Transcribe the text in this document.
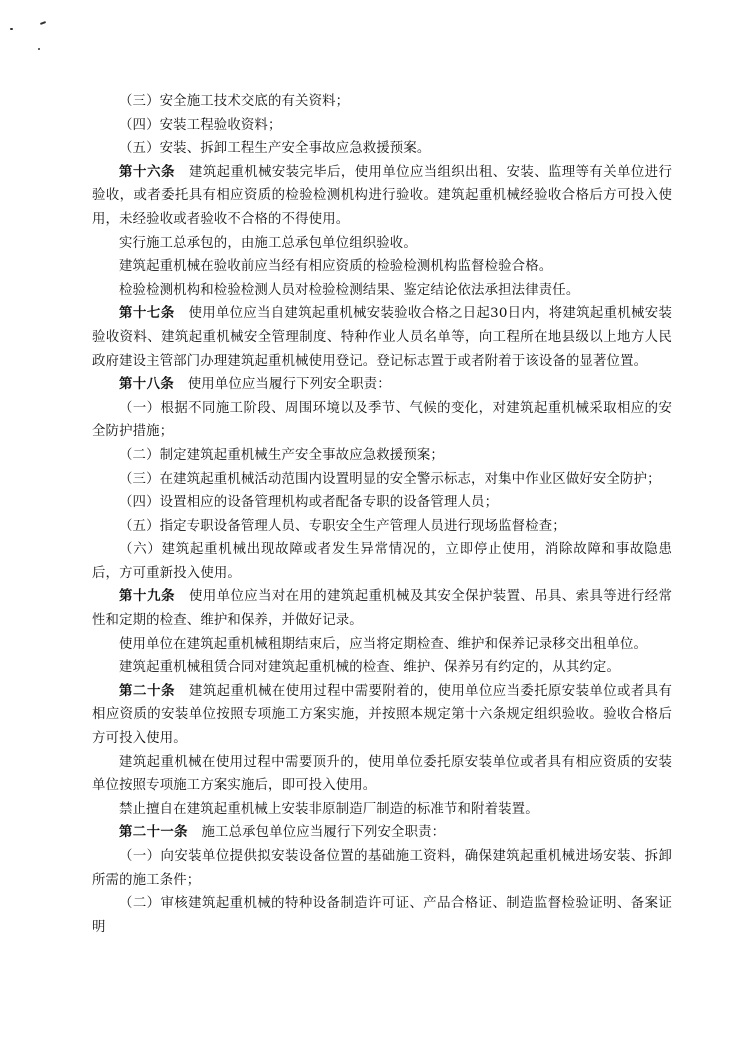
（三）安全施工技术交底的有关资料；

（四）安装工程验收资料；

（五）安装、拆卸工程生产安全事故应急救援预案。

第十六条　建筑起重机械安装完毕后，使用单位应当组织出租、安装、监理等有关单位进行验收，或者委托具有相应资质的检验检测机构进行验收。建筑起重机械经验收合格后方可投入使用，未经验收或者验收不合格的不得使用。

实行施工总承包的，由施工总承包单位组织验收。

建筑起重机械在验收前应当经有相应资质的检验检测机构监督检验合格。

检验检测机构和检验检测人员对检验检测结果、鉴定结论依法承担法律责任。

第十七条　使用单位应当自建筑起重机械安装验收合格之日起30日内，将建筑起重机械安装验收资料、建筑起重机械安全管理制度、特种作业人员名单等，向工程所在地县级以上地方人民政府建设主管部门办理建筑起重机械使用登记。登记标志置于或者附着于该设备的显著位置。

第十八条　使用单位应当履行下列安全职责：

（一）根据不同施工阶段、周围环境以及季节、气候的变化，对建筑起重机械采取相应的安全防护措施；

（二）制定建筑起重机械生产安全事故应急救援预案；

（三）在建筑起重机械活动范围内设置明显的安全警示标志，对集中作业区做好安全防护；

（四）设置相应的设备管理机构或者配备专职的设备管理人员；

（五）指定专职设备管理人员、专职安全生产管理人员进行现场监督检查；

（六）建筑起重机械出现故障或者发生异常情况的，立即停止使用，消除故障和事故隐患后，方可重新投入使用。

第十九条　使用单位应当对在用的建筑起重机械及其安全保护装置、吊具、索具等进行经常性和定期的检查、维护和保养，并做好记录。

使用单位在建筑起重机械租期结束后，应当将定期检查、维护和保养记录移交出租单位。

建筑起重机械租赁合同对建筑起重机械的检查、维护、保养另有约定的，从其约定。

第二十条　建筑起重机械在使用过程中需要附着的，使用单位应当委托原安装单位或者具有相应资质的安装单位按照专项施工方案实施，并按照本规定第十六条规定组织验收。验收合格后方可投入使用。

建筑起重机械在使用过程中需要顶升的，使用单位委托原安装单位或者具有相应资质的安装单位按照专项施工方案实施后，即可投入使用。

禁止擅自在建筑起重机械上安装非原制造厂制造的标准节和附着装置。

第二十一条　施工总承包单位应当履行下列安全职责：

（一）向安装单位提供拟安装设备位置的基础施工资料，确保建筑起重机械进场安装、拆卸所需的施工条件；

（二）审核建筑起重机械的特种设备制造许可证、产品合格证、制造监督检验证明、备案证明
